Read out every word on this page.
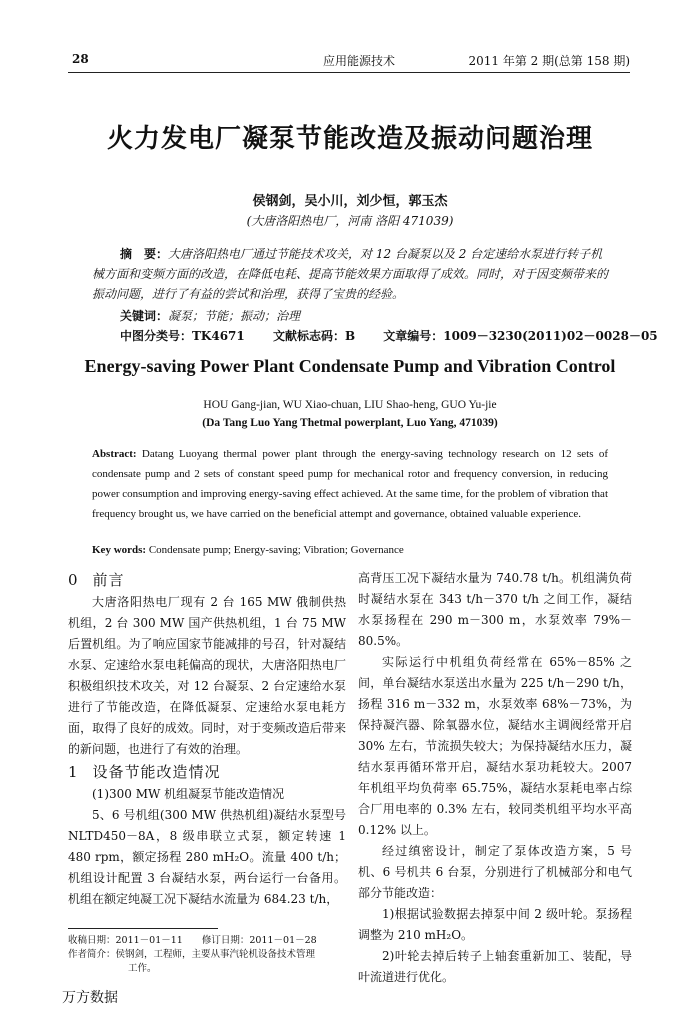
28	应用能源技术	2011 年第 2 期(总第 158 期)
火力发电厂凝泵节能改造及振动问题治理
侯钢剑，吴小川，刘少恒，郭玉杰
(大唐洛阳热电厂，河南 洛阳 471039)
摘　要：大唐洛阳热电厂通过节能技术攻关，对 12 台凝泵以及 2 台定速给水泵进行转子机械方面和变频方面的改造，在降低电耗、提高节能效果方面取得了成效。同时，对于因变频带来的振动问题，进行了有益的尝试和治理，获得了宝贵的经验。
关键词：凝泵；节能；振动；治理
中图分类号：TK4671 文献标志码：B 文章编号：1009－3230(2011)02－0028－05
Energy-saving Power Plant Condensate Pump and Vibration Control
HOU Gang-jian, WU Xiao-chuan, LIU Shao-heng, GUO Yu-jie
(Da Tang Luo Yang Thetmal powerplant, Luo Yang, 471039)
Abstract: Datang Luoyang thermal power plant through the energy-saving technology research on 12 sets of condensate pump and 2 sets of constant speed pump for mechanical rotor and frequency conversion, in reducing power consumption and improving energy-saving effect achieved. At the same time, for the problem of vibration that frequency brought us, we have carried on the beneficial attempt and governance, obtained valuable experience.
Key words: Condensate pump; Energy-saving; Vibration; Governance
0 前言

大唐洛阳热电厂现有 2 台 165 MW 俄制供热机组，2 台 300 MW 国产供热机组，1 台 75 MW 后置机组。为了响应国家节能减排的号召，针对凝结水泵、定速给水泵电耗偏高的现状，大唐洛阳热电厂积极组织技术攻关，对 12 台凝泵、2 台定速给水泵进行了节能改造，在降低凝泵、定速给水泵电耗方面，取得了良好的成效。同时，对于变频改造后带来的新问题，也进行了有效的治理。

1 设备节能改造情况

(1)300 MW 机组凝泵节能改造情况

5、6 号机组(300 MW 供热机组)凝结水泵型号 NLTD450－8A，8 级串联立式泵，额定转速 1 480 rpm，额定扬程 280 mH₂O。流量 400 t/h；机组设计配置 3 台凝结水泵，两台运行一台备用。机组在额定纯凝工况下凝结水流量为 684.23 t/h，

高背压工况下凝结水量为 740.78 t/h。机组满负荷时凝结水泵在 343 t/h－370 t/h 之间工作，凝结水泵扬程在 290 m－300 m，水泵效率 79%－80.5%。

实际运行中机组负荷经常在 65%－85% 之间，单台凝结水泵送出水量为 225 t/h－290 t/h，扬程 316 m－332 m，水泵效率 68%－73%，为保持凝汽器、除氧器水位，凝结水主调阀经常开启 30% 左右，节流损失较大；为保持凝结水压力，凝结水泵再循环常开启，凝结水泵功耗较大。2007 年机组平均负荷率 65.75%，凝结水泵耗电率占综合厂用电率的 0.3% 左右，较同类机组平均水平高 0.12% 以上。

经过缜密设计，制定了泵体改造方案，5 号机、6 号机共 6 台泵，分别进行了机械部分和电气部分节能改造：

1)根据试验数据去掉泵中间 2 级叶轮。泵扬程调整为 210 mH₂O。

2)叶轮去掉后转子上轴套重新加工、装配，导叶流道进行优化。

收稿日期：2011－01－11　　修订日期：2011－01－28
作者简介：侯钢剑，工程师，主要从事汽轮机设备技术管理
工作。
万方数据
